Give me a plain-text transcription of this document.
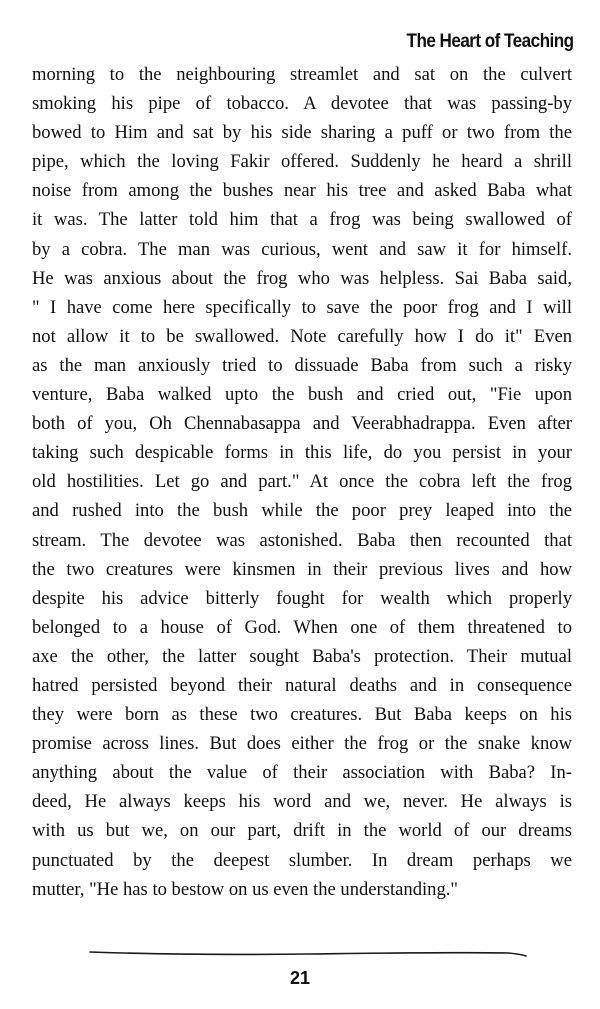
The Heart of Teaching
morning to the neighbouring streamlet and sat on the culvert
smoking his pipe of tobacco. A devotee that was passing-by
bowed to Him and sat by his side sharing a puff or two from the
pipe, which the loving Fakir offered. Suddenly he heard a shrill
noise from among the bushes near his tree and asked Baba what
it was. The latter told him that a frog was being swallowed of
by a cobra. The man was curious, went and saw it for himself.
He was anxious about the frog who was helpless. Sai Baba said,
" I have come here specifically to save the poor frog and I will
not allow it to be swallowed. Note carefully how I do it" Even
as the man anxiously tried to dissuade Baba from such a risky
venture, Baba walked upto the bush and cried out, "Fie upon
both of you, Oh Chennabasappa and Veerabhadrappa. Even after
taking such despicable forms in this life, do you persist in your
old hostilities. Let go and part." At once the cobra left the frog
and rushed into the bush while the poor prey leaped into the
stream. The devotee was astonished. Baba then recounted that
the two creatures were kinsmen in their previous lives and how
despite his advice bitterly fought for wealth which properly
belonged to a house of God. When one of them threatened to
axe the other, the latter sought Baba's protection. Their mutual
hatred persisted beyond their natural deaths and in consequence
they were born as these two creatures. But Baba keeps on his
promise across lines. But does either the frog or the snake know
anything about the value of their association with Baba? In-
deed, He always keeps his word and we, never. He always is
with us but we, on our part, drift in the world of our dreams
punctuated by the deepest slumber. In dream perhaps we
mutter, "He has to bestow on us even the understanding."
21
